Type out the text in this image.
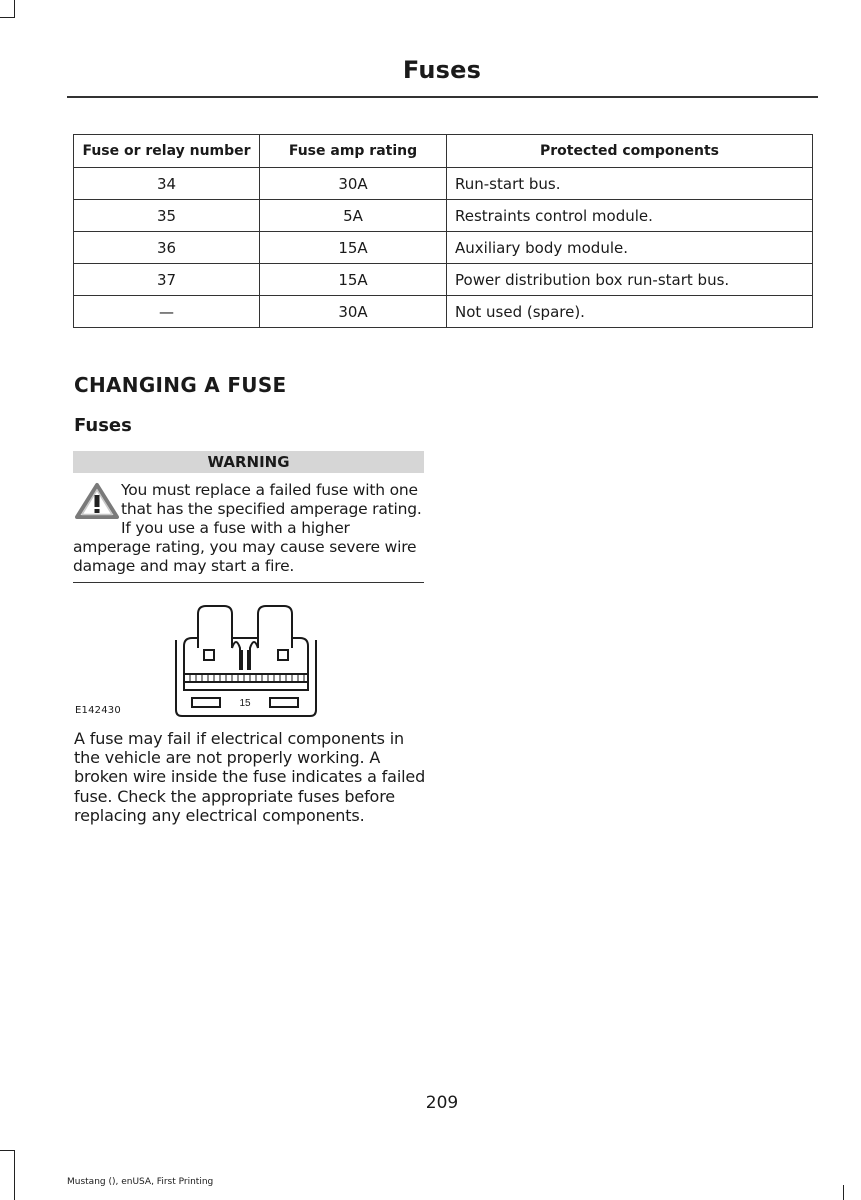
Fuses
Fuse or relay number	Fuse amp rating	Protected components
34	30A	Run-start bus.
35	5A	Restraints control module.
36	15A	Auxiliary body module.
37	15A	Power distribution box run-start bus.
—	30A	Not used (spare).
CHANGING A FUSE
Fuses
WARNING
You must replace a failed fuse with one that has the specified amperage rating. If you use a fuse with a higher amperage rating, you may cause severe wire damage and may start a fire.
15
E142430
A fuse may fail if electrical components in the vehicle are not properly working. A broken wire inside the fuse indicates a failed fuse. Check the appropriate fuses before replacing any electrical components.
209
Mustang (), enUSA, First Printing
